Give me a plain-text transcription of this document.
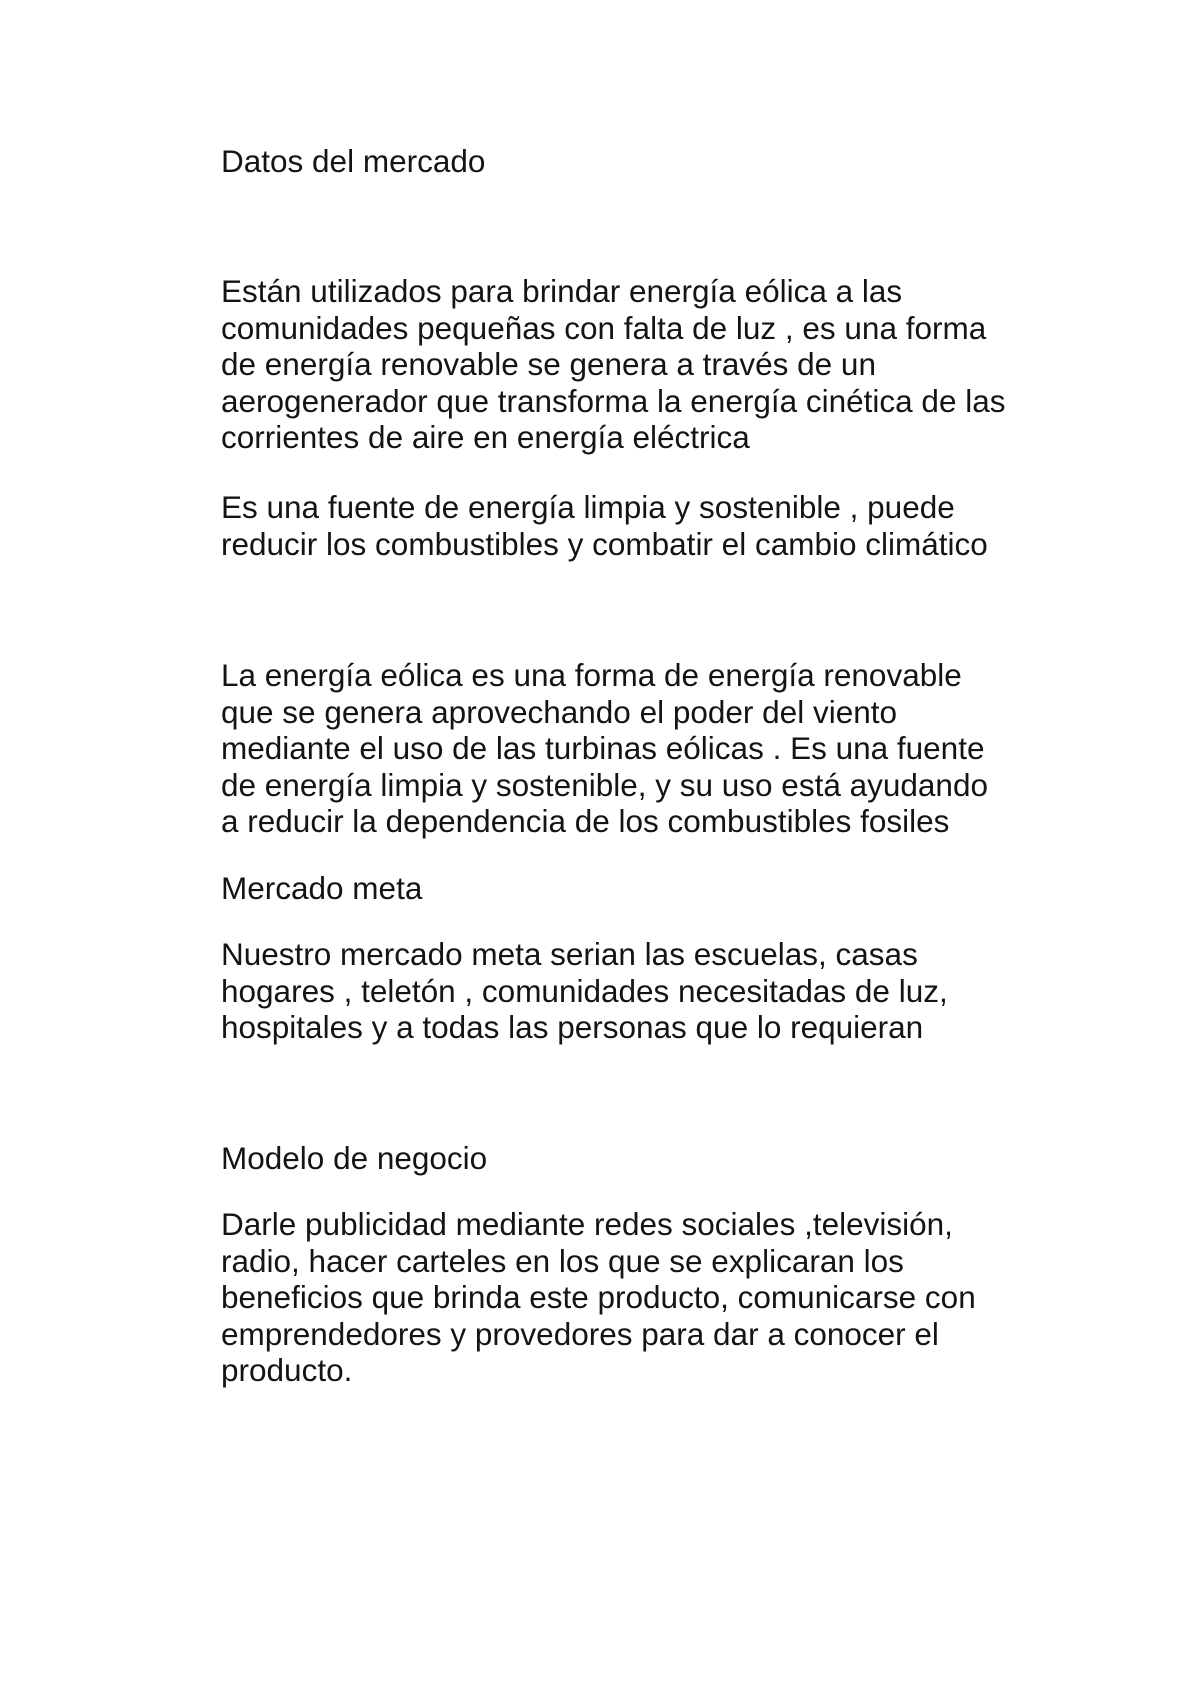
Datos del mercado

Están utilizados para brindar energía eólica a las
comunidades pequeñas con falta de luz , es una forma
de energía renovable se genera a través de un
aerogenerador que transforma la energía cinética de las
corrientes de aire en energía eléctrica

Es una fuente de energía limpia y sostenible , puede
reducir los combustibles y combatir el cambio climático

La energía eólica es una forma de energía renovable
que se genera aprovechando el poder del viento
mediante el uso de las turbinas eólicas . Es una fuente
de energía limpia y sostenible, y su uso está ayudando
a reducir la dependencia de los combustibles fosiles

Mercado meta

Nuestro mercado meta serian las escuelas, casas
hogares , teletón , comunidades necesitadas de luz,
hospitales y a todas las personas que lo requieran

Modelo de negocio

Darle publicidad mediante redes sociales ,televisión,
radio, hacer carteles en los que se explicaran los
beneficios que brinda este producto, comunicarse con
emprendedores y provedores para dar a conocer el
producto.
